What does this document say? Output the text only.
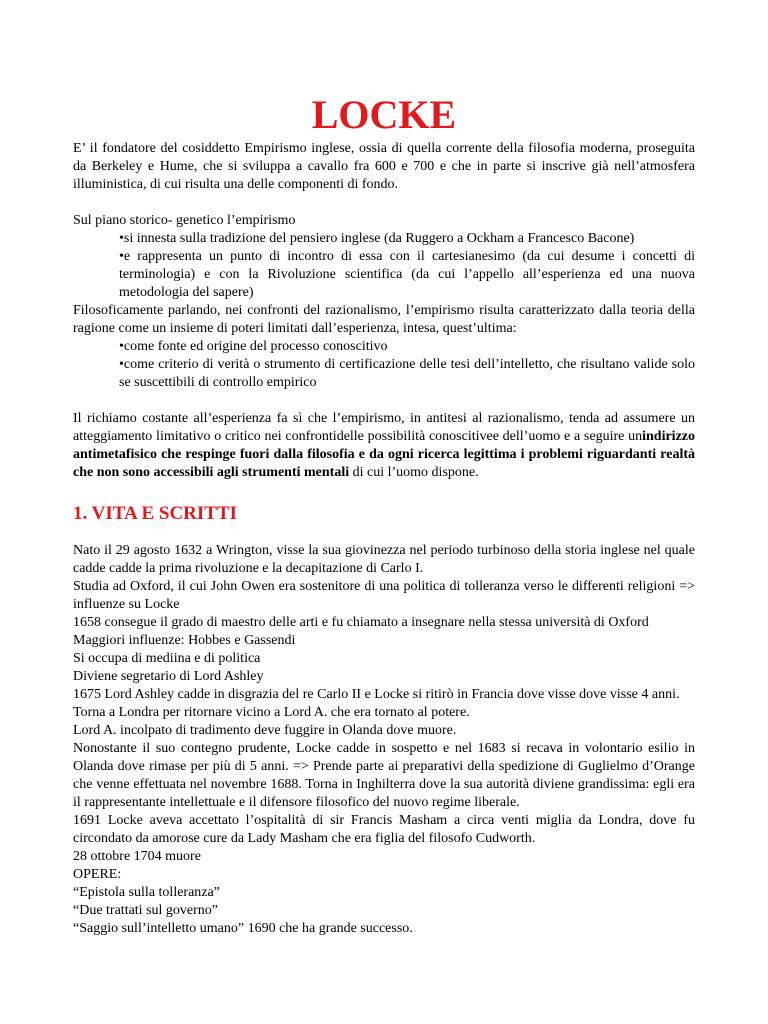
LOCKE

E’ il fondatore del cosiddetto Empirismo inglese, ossia di quella corrente della filosofia moderna, proseguita da Berkeley e Hume, che si sviluppa a cavallo fra 600 e 700 e che in parte si inscrive già nell’atmosfera illuministica, di cui risulta una delle componenti di fondo.

Sul piano storico- genetico l’empirismo

•si innesta sulla tradizione del pensiero inglese (da Ruggero a Ockham a Francesco Bacone)

•e rappresenta un punto di incontro di essa con il cartesianesimo (da cui desume i concetti di terminologia) e con la Rivoluzione scientifica (da cui l’appello all’esperienza ed una nuova metodologia del sapere)

Filosoficamente parlando, nei confronti del razionalismo, l’empirismo risulta caratterizzato dalla teoria della ragione come un insieme di poteri limitati dall’esperienza, intesa, quest’ultima:

•come fonte ed origine del processo conoscitivo

•come criterio di verità o strumento di certificazione delle tesi dell’intelletto, che risultano valide solo se suscettibili di controllo empirico

Il richiamo costante all’esperienza fa sì che l’empirismo, in antitesi al razionalismo, tenda ad assumere un atteggiamento limitativo o critico nei confrontidelle possibilità conoscitivee dell’uomo e a seguire unindirizzo antimetafisico che respinge fuori dalla filosofia e da ogni ricerca legittima i problemi riguardanti realtà che non sono accessibili agli strumenti mentali di cui l’uomo dispone.

1. VITA E SCRITTI

Nato il 29 agosto 1632 a Wrington, visse la sua giovinezza nel periodo turbinoso della storia inglese nel quale cadde cadde la prima rivoluzione e la decapitazione di Carlo I.

Studia ad Oxford, il cui John Owen era sostenitore di una politica di tolleranza verso le differenti religioni => influenze su Locke

1658 consegue il grado di maestro delle arti e fu chiamato a insegnare nella stessa università di Oxford

Maggiori influenze: Hobbes e Gassendi

Si occupa di mediina e di politica

Diviene segretario di Lord Ashley

1675 Lord Ashley cadde in disgrazia del re Carlo II e Locke si ritirò in Francia dove visse dove visse 4 anni.

Torna a Londra per ritornare vicino a Lord A. che era tornato al potere.

Lord A. incolpato di tradimento deve fuggire in Olanda dove muore.

Nonostante il suo contegno prudente, Locke cadde in sospetto e nel 1683 si recava in volontario esilio in Olanda dove rimase per più di 5 anni. => Prende parte ai preparativi della spedizione di Guglielmo d’Orange che venne effettuata nel novembre 1688. Torna in Inghilterra dove la sua autorità diviene grandissima: egli era il rappresentante intellettuale e il difensore filosofico del nuovo regime liberale.

1691 Locke aveva accettato l’ospitalità di sir Francis Masham a circa venti miglia da Londra, dove fu circondato da amorose cure da Lady Masham che era figlia del filosofo Cudworth.

28 ottobre 1704 muore

OPERE:

“Epistola sulla tolleranza”

“Due trattati sul governo”

“Saggio sull’intelletto umano” 1690 che ha grande successo.
